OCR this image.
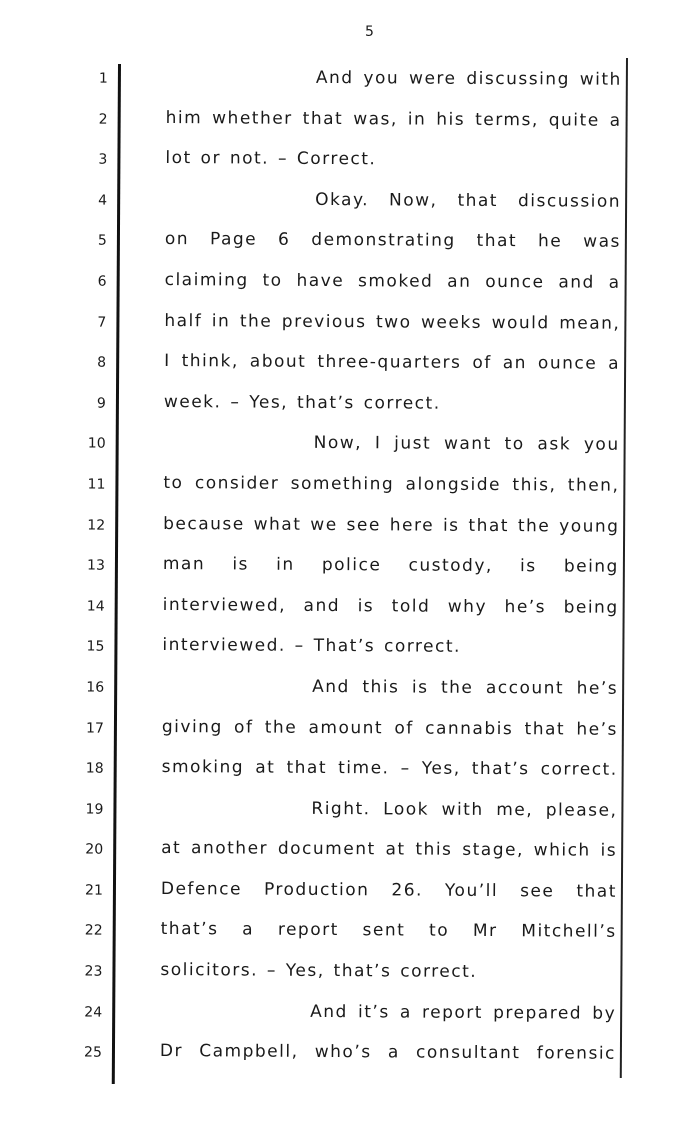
5
1	And you were discussing with
2	him whether that was, in his terms, quite a
3	lot or not. – Correct.
4	Okay. Now, that discussion
5	on Page 6 demonstrating that he was
6	claiming to have smoked an ounce and a
7	half in the previous two weeks would mean,
8	I think, about three-quarters of an ounce a
9	week. – Yes, that’s correct.
10	Now, I just want to ask you
11	to consider something alongside this, then,
12	because what we see here is that the young
13	man is in police custody, is being
14	interviewed, and is told why he’s being
15	interviewed. – That’s correct.
16	And this is the account he’s
17	giving of the amount of cannabis that he’s
18	smoking at that time. – Yes, that’s correct.
19	Right. Look with me, please,
20	at another document at this stage, which is
21	Defence Production 26. You’ll see that
22	that’s a report sent to Mr Mitchell’s
23	solicitors. – Yes, that’s correct.
24	And it’s a report prepared by
25	Dr Campbell, who’s a consultant forensic
